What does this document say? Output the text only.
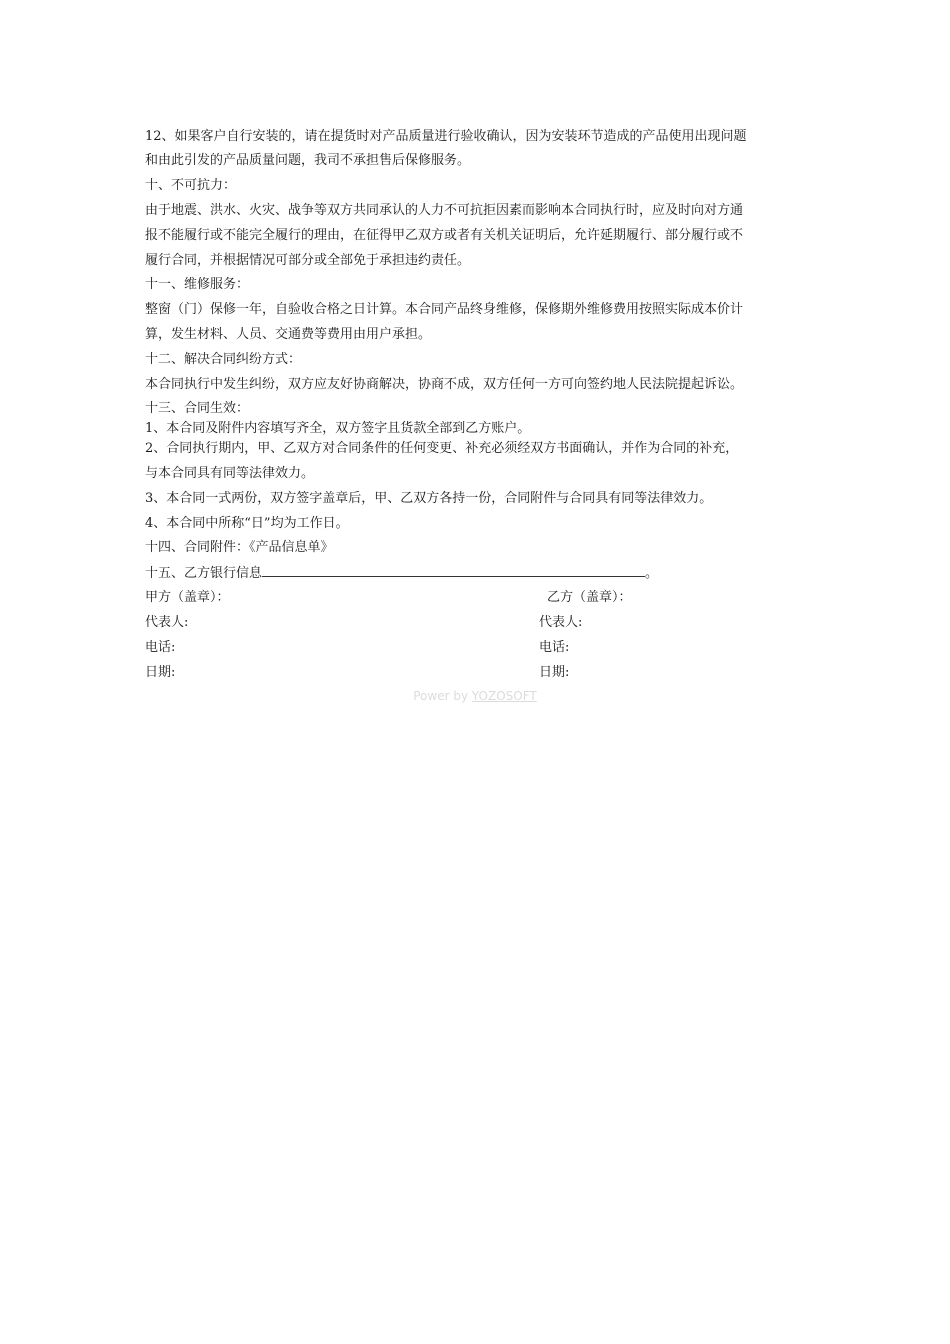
12、如果客户自行安装的，请在提货时对产品质量进行验收确认，因为安装环节造成的产品使用出现问题
和由此引发的产品质量问题，我司不承担售后保修服务。
十、不可抗力：
由于地震、洪水、火灾、战争等双方共同承认的人力不可抗拒因素而影响本合同执行时，应及时向对方通
报不能履行或不能完全履行的理由，在征得甲乙双方或者有关机关证明后，允许延期履行、部分履行或不
履行合同，并根据情况可部分或全部免于承担违约责任。
十一、维修服务：
整窗（门）保修一年，自验收合格之日计算。本合同产品终身维修，保修期外维修费用按照实际成本价计
算，发生材料、人员、交通费等费用由用户承担。
十二、解决合同纠纷方式：
本合同执行中发生纠纷，双方应友好协商解决，协商不成，双方任何一方可向签约地人民法院提起诉讼。
十三、合同生效：
1、本合同及附件内容填写齐全，双方签字且货款全部到乙方账户。
2、合同执行期内，甲、乙双方对合同条件的任何变更、补充必须经双方书面确认，并作为合同的补充，
与本合同具有同等法律效力。
3、本合同一式两份，双方签字盖章后，甲、乙双方各持一份，合同附件与合同具有同等法律效力。
4、本合同中所称“日”均为工作日。
十四、合同附件：《产品信息单》
十五、乙方银行信息	。
甲方（盖章）：	乙方（盖章）：
代表人:	代表人:
电话:	电话:
日期:	日期:
Power by YOZOSOFT
